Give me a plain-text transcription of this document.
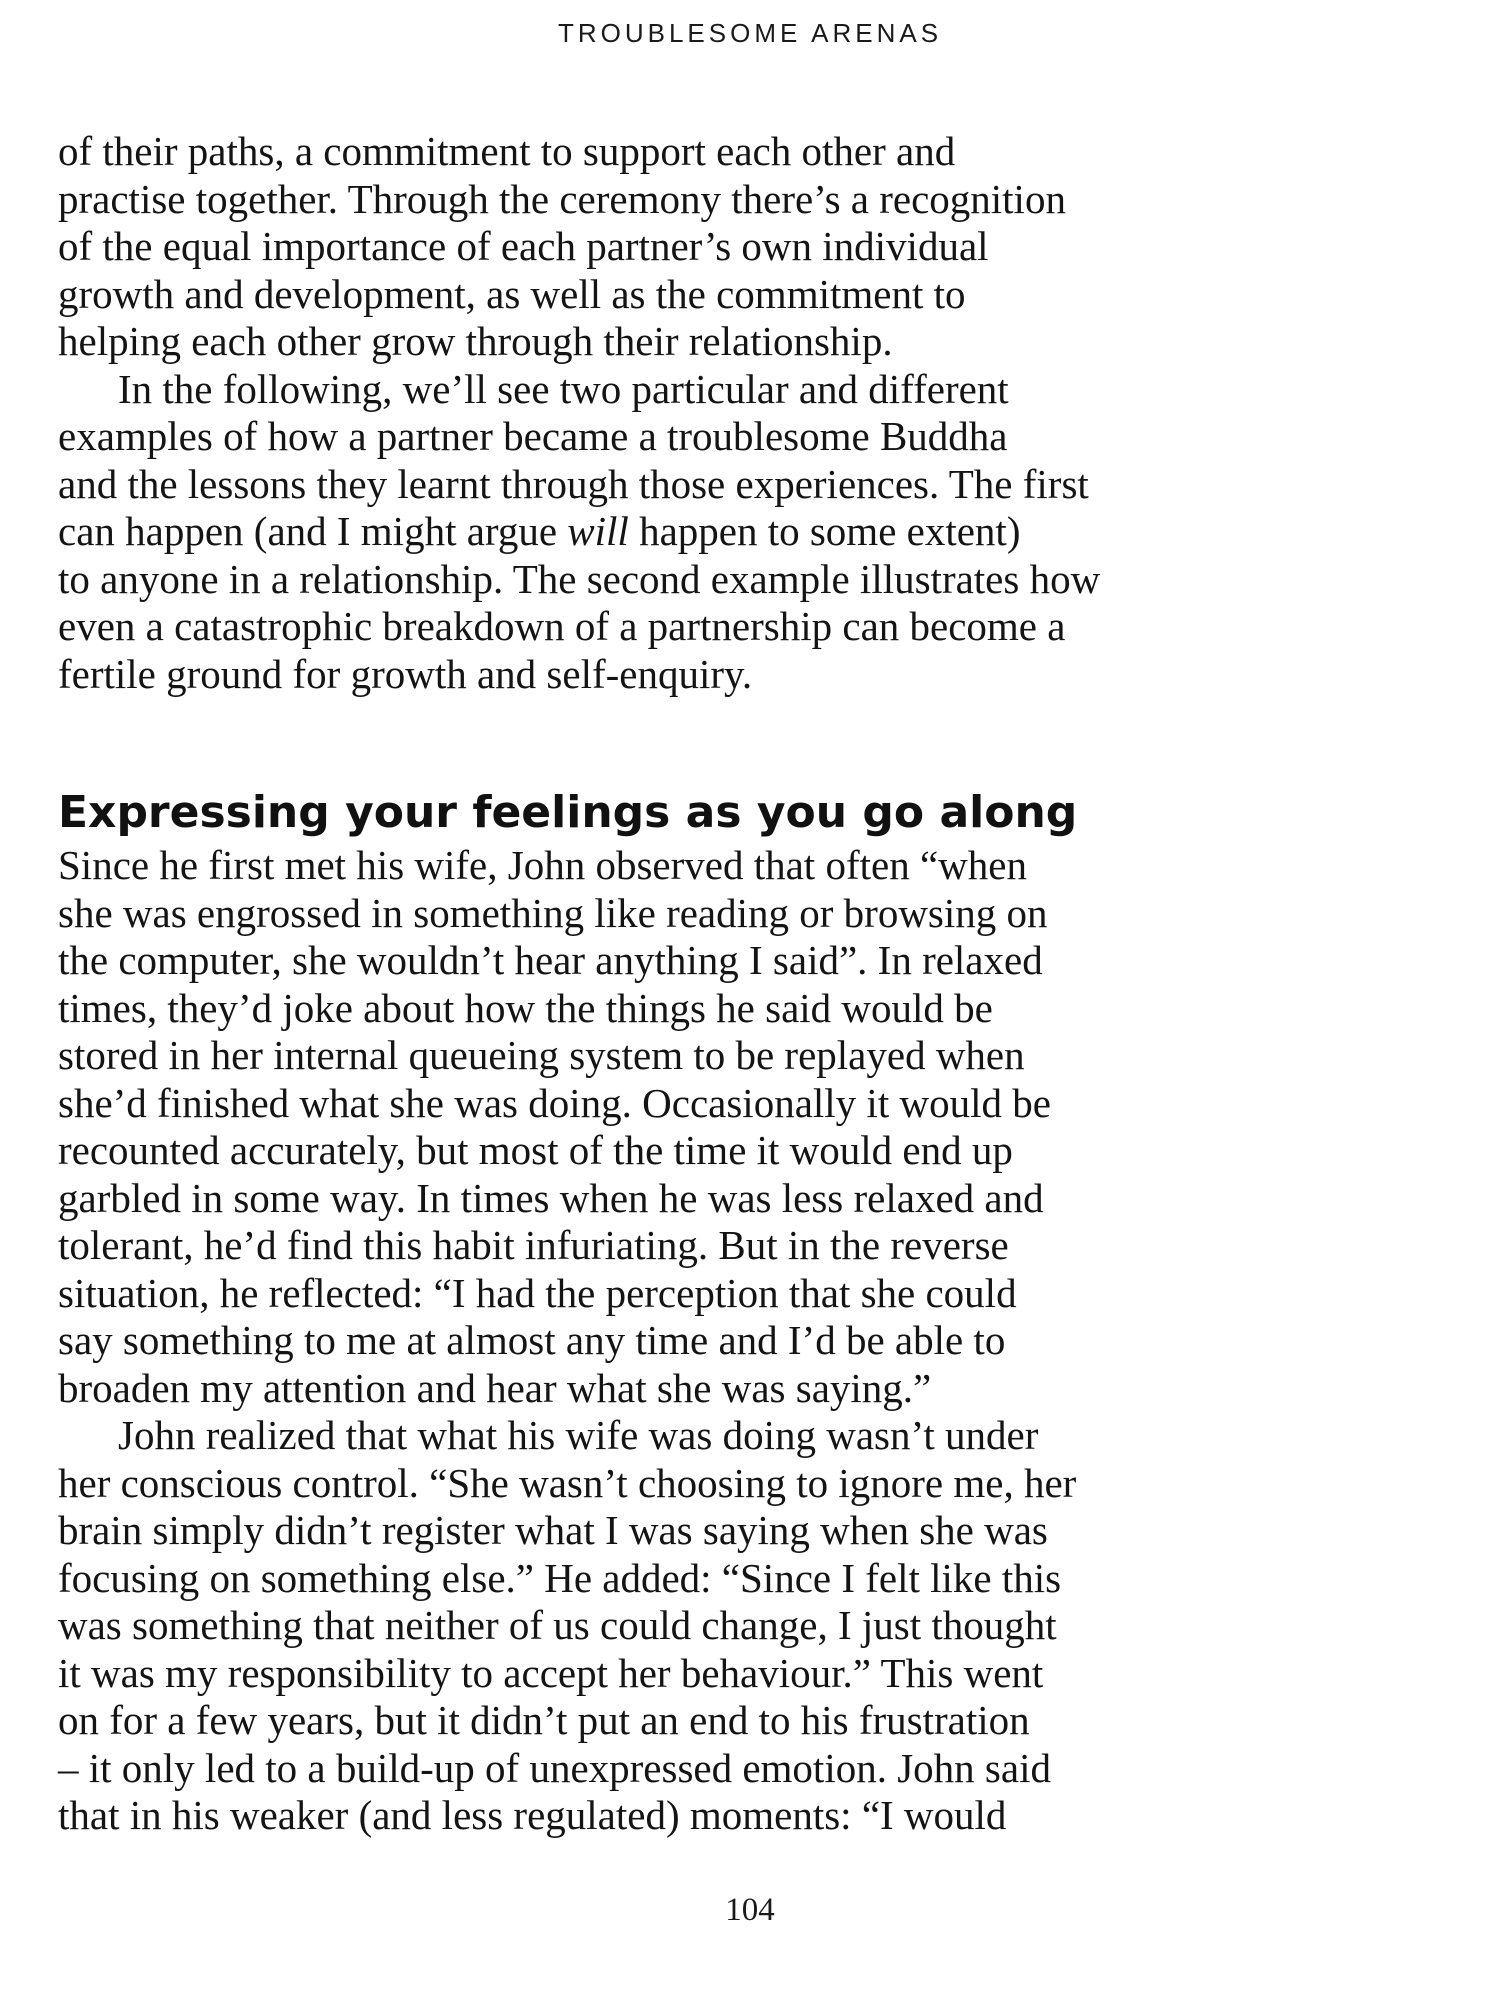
TROUBLESOME ARENAS
of their paths, a commitment to support each other and
practise together. Through the ceremony there’s a recognition
of the equal importance of each partner’s own individual
growth and development, as well as the commitment to
helping each other grow through their relationship.
In the following, we’ll see two particular and different
examples of how a partner became a troublesome Buddha
and the lessons they learnt through those experiences. The first
can happen (and I might argue will happen to some extent)
to anyone in a relationship. The second example illustrates how
even a catastrophic breakdown of a partnership can become a
fertile ground for growth and self-enquiry.
Expressing your feelings as you go along
Since he first met his wife, John observed that often “when
she was engrossed in something like reading or browsing on
the computer, she wouldn’t hear anything I said”. In relaxed
times, they’d joke about how the things he said would be
stored in her internal queueing system to be replayed when
she’d finished what she was doing. Occasionally it would be
recounted accurately, but most of the time it would end up
garbled in some way. In times when he was less relaxed and
tolerant, he’d find this habit infuriating. But in the reverse
situation, he reflected: “I had the perception that she could
say something to me at almost any time and I’d be able to
broaden my attention and hear what she was saying.”
John realized that what his wife was doing wasn’t under
her conscious control. “She wasn’t choosing to ignore me, her
brain simply didn’t register what I was saying when she was
focusing on something else.” He added: “Since I felt like this
was something that neither of us could change, I just thought
it was my responsibility to accept her behaviour.” This went
on for a few years, but it didn’t put an end to his frustration
– it only led to a build-up of unexpressed emotion. John said
that in his weaker (and less regulated) moments: “I would
104
